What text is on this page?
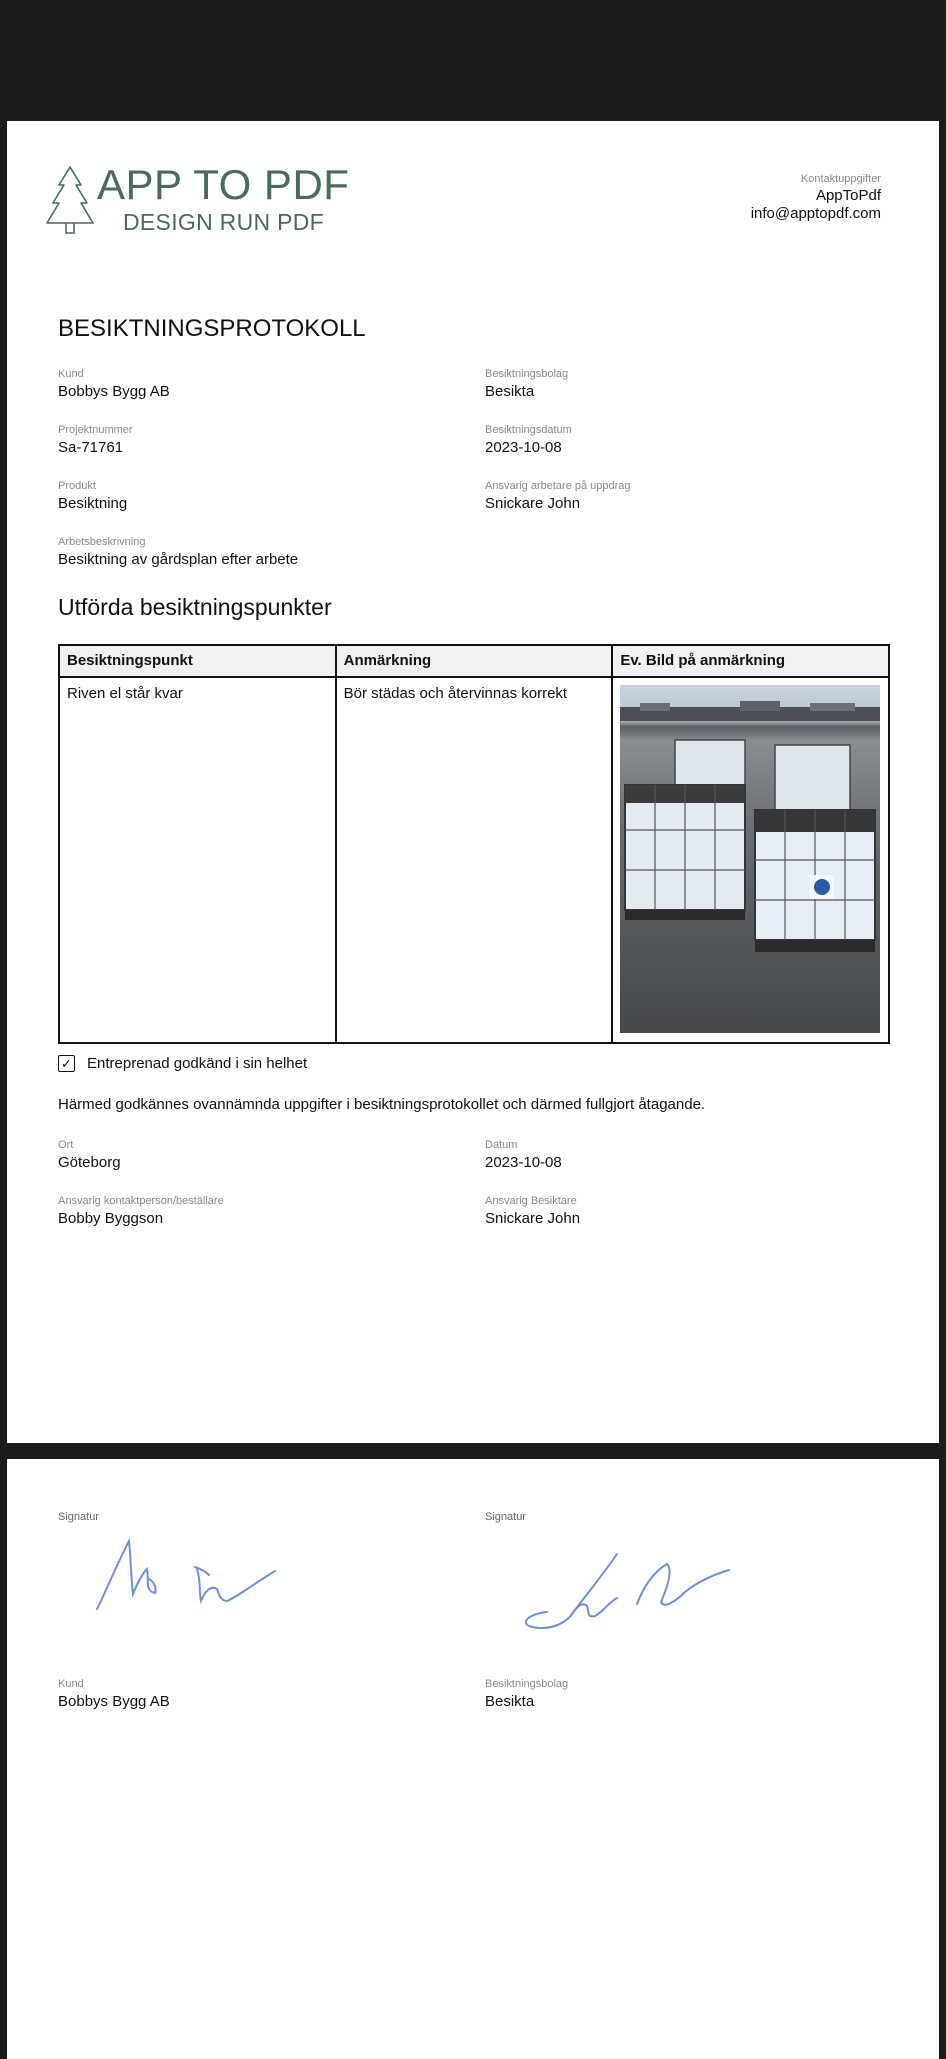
APP TO PDF
DESIGN RUN PDF
Kontaktuppgifter
AppToPdf
info@apptopdf.com
BESIKTNINGSPROTOKOLL
Kund
Bobbys Bygg AB
Besiktningsbolag
Besikta
Projektnummer
Sa-71761
Besiktningsdatum
2023-10-08
Produkt
Besiktning
Ansvarig arbetare på uppdrag
Snickare John
Arbetsbeskrivning
Besiktning av gårdsplan efter arbete
Utförda besiktningspunkter
Besiktningspunkt	Anmärkning	Ev. Bild på anmärkning
Riven el står kvar	Bör städas och återvinnas korrekt	
✓ Entreprenad godkänd i sin helhet
Härmed godkännes ovannämnda uppgifter i besiktningsprotokollet och därmed fullgjort åtagande.
Ort
Göteborg
Datum
2023-10-08
Ansvarig kontaktperson/beställare
Bobby Byggson
Ansvarig Besiktare
Snickare John
Signatur	Signatur
Kund
Bobbys Bygg AB
Besiktningsbolag
Besikta
